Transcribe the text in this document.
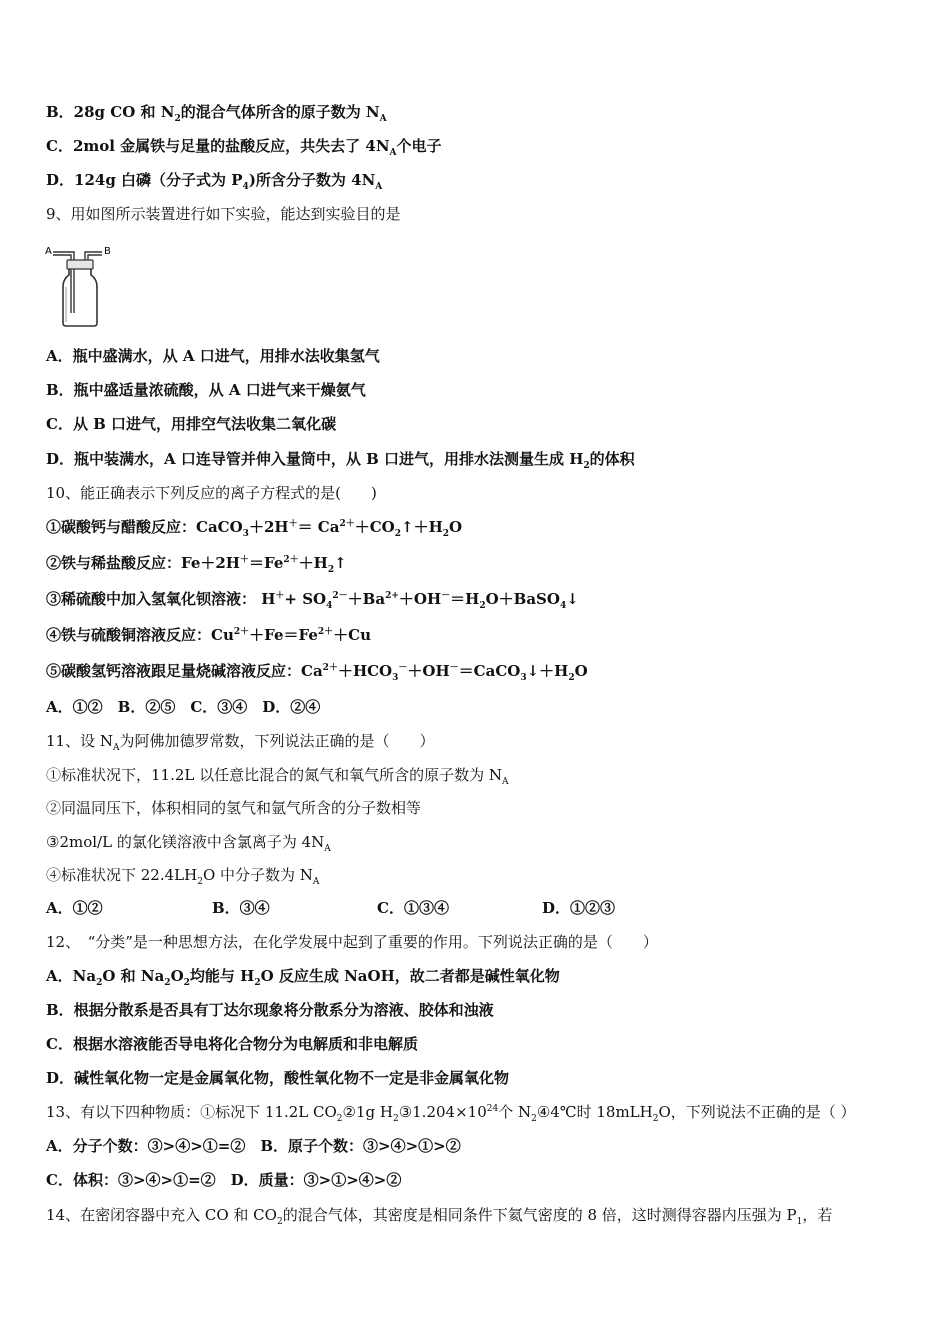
B．28g CO 和 $N_2$的混合气体所含的原子数为 $N_A$
C．2mol 金属铁与足量的盐酸反应，共失去了 $4N_A$个电子
D．124g 白磷（分子式为 $P_4$)所含分子数为 $4N_A$
9、用如图所示装置进行如下实验，能达到实验目的是
A	B
A．瓶中盛满水，从 A 口进气，用排水法收集氢气
B．瓶中盛适量浓硫酸，从 A 口进气来干燥氨气
C．从 B 口进气，用排空气法收集二氧化碳
D．瓶中装满水，A 口连导管并伸入量筒中，从 B 口进气，用排水法测量生成 $H_2$的体积
10、能正确表示下列反应的离子方程式的是(　　)
①碳酸钙与醋酸反应：CaCO$_3$＋2H＋＝ $Ca^{2+}+CO_2↑+H_2O$
②铁与稀盐酸反应：$Fe+2H^+=Fe^{2+}+H_2↑$
③稀硫酸中加入氢氧化钡溶液： $H^++ SO_4^{2-}+Ba^{2+}+OH^-=H_2O+BaSO_4↓$
④铁与硫酸铜溶液反应：$Cu^{2+}+Fe=Fe^{2+}+Cu$
⑤碳酸氢钙溶液跟足量烧碱溶液反应：$Ca^{2+}+HCO_3^-+OH^-=CaCO_3↓+H_2O$
A．①②　B．②⑤　C．③④　D．②④
11、设 $N_A$为阿佛加德罗常数，下列说法正确的是（　　）
①标准状况下，11.2L 以任意比混合的氮气和氧气所含的原子数为 $N_A$
②同温同压下，体积相同的氢气和氩气所含的分子数相等
③2mol/L 的氯化镁溶液中含氯离子为 $4N_A$
④标准状况下 $22.4LH_2O$ 中分子数为 $N_A$
A．①②	B．③④	C．①③④	D．①②③
12、　“分类”是一种思想方法，在化学发展中起到了重要的作用。下列说法正确的是（　　）
A．$Na_2O$ 和 $Na_2O_2$均能与 $H_2O$ 反应生成 NaOH，故二者都是碱性氧化物
B．根据分散系是否具有丁达尔现象将分散系分为溶液、胶体和浊液
C．根据水溶液能否导电将化合物分为电解质和非电解质
D．碱性氧化物一定是金属氧化物，酸性氧化物不一定是非金属氧化物
13、有以下四种物质：①标况下 11.2L $CO_2②1g$ $H_2③1.204\times 10^{24}$个 $N_2④4℃$时 18mLH$_2$O，下列说法不正确的是（ ）
A．分子个数：③>④>①=②　B．原子个数：③>④>①>②
C．体积：③>④>①=②　D．质量：③>①>④>②
14、在密闭容器中充入 CO 和 $CO_2$的混合气体，其密度是相同条件下氦气密度的 8 倍，这时测得容器内压强为 $P_1$，若
